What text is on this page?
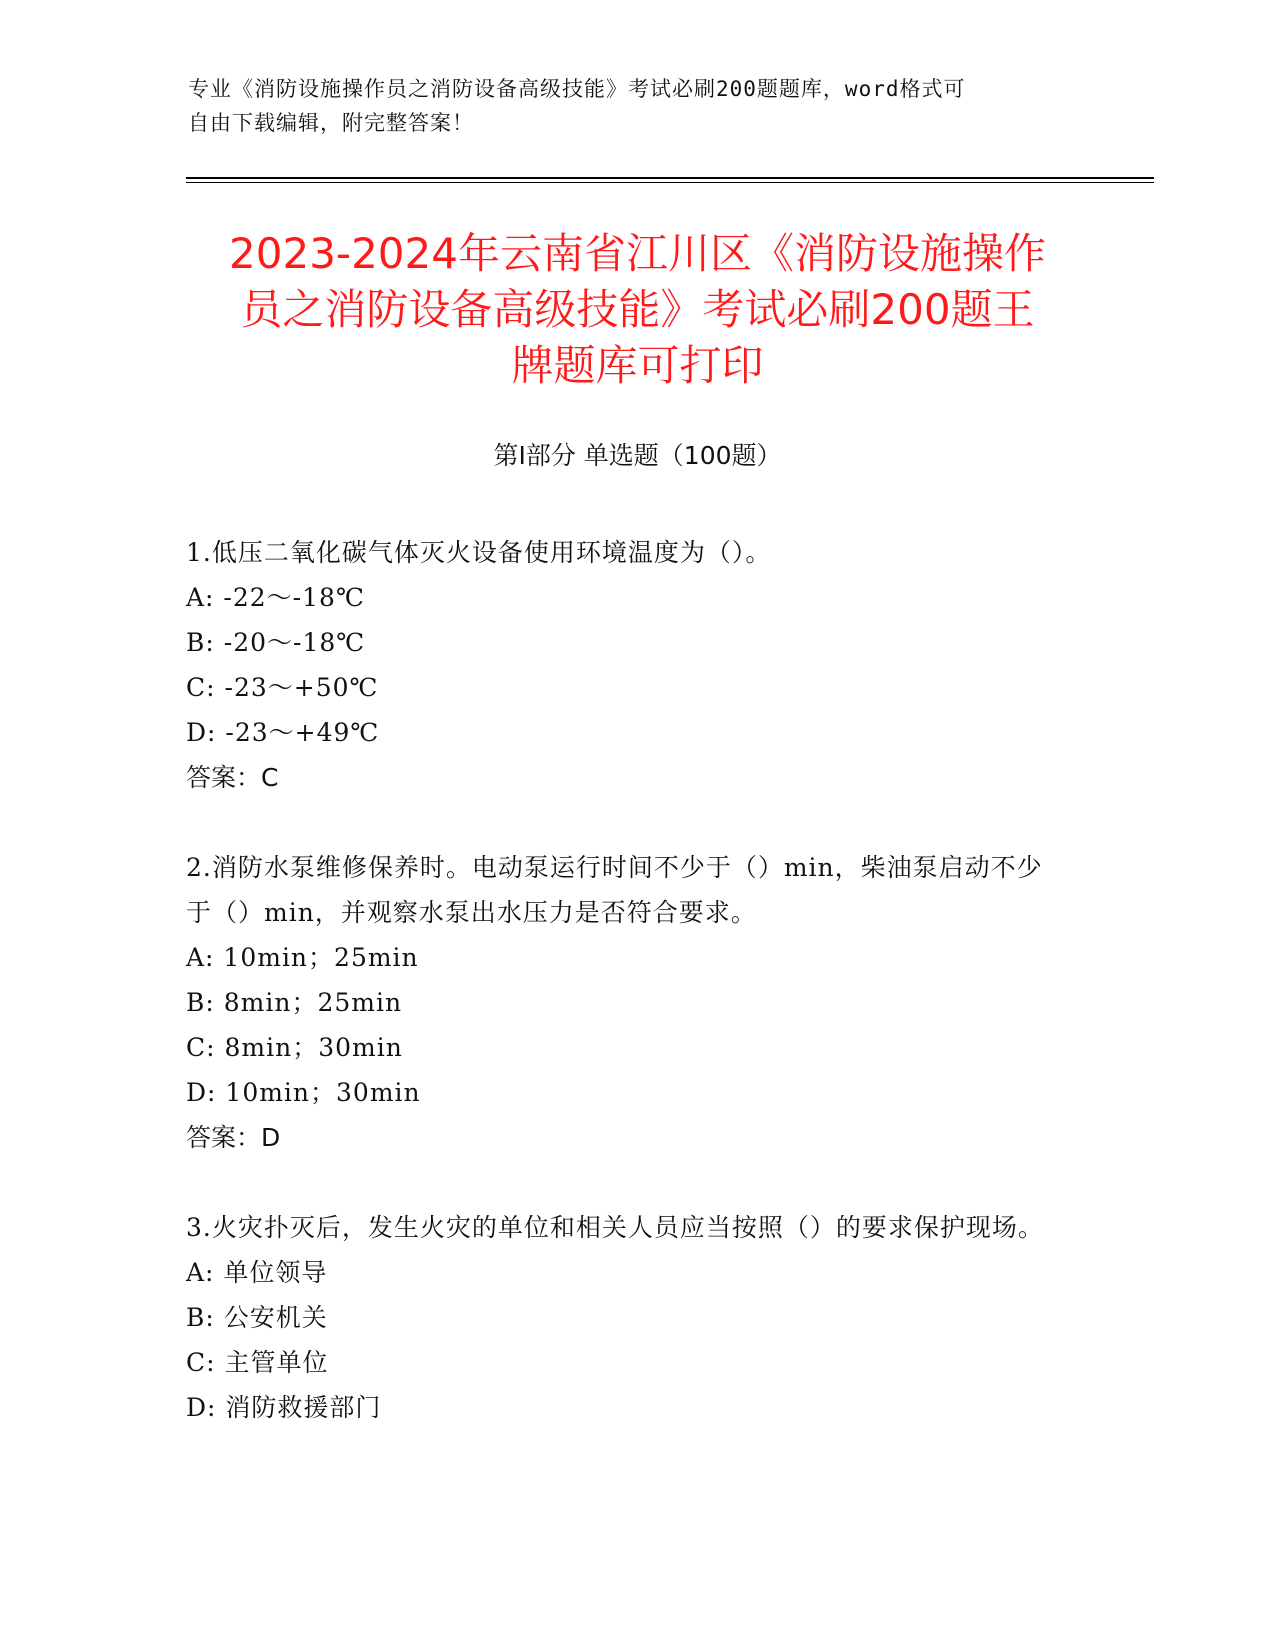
专业《消防设施操作员之消防设备高级技能》考试必刷200题题库，word格式可
自由下载编辑，附完整答案！
2023-2024年云南省江川区《消防设施操作
员之消防设备高级技能》考试必刷200题王
牌题库可打印
第I部分 单选题（100题）
1.低压二氧化碳气体灭火设备使用环境温度为（）。
A: -22～-18℃
B: -20～-18℃
C: -23～+50℃
D: -23～+49℃
答案：C
2.消防水泵维修保养时。电动泵运行时间不少于（）min，柴油泵启动不少于（）min，并观察水泵出水压力是否符合要求。
A: 10min；25min
B: 8min；25min
C: 8min；30min
D: 10min；30min
答案：D
3.火灾扑灭后，发生火灾的单位和相关人员应当按照（）的要求保护现场。
A: 单位领导
B: 公安机关
C: 主管单位
D: 消防救援部门
